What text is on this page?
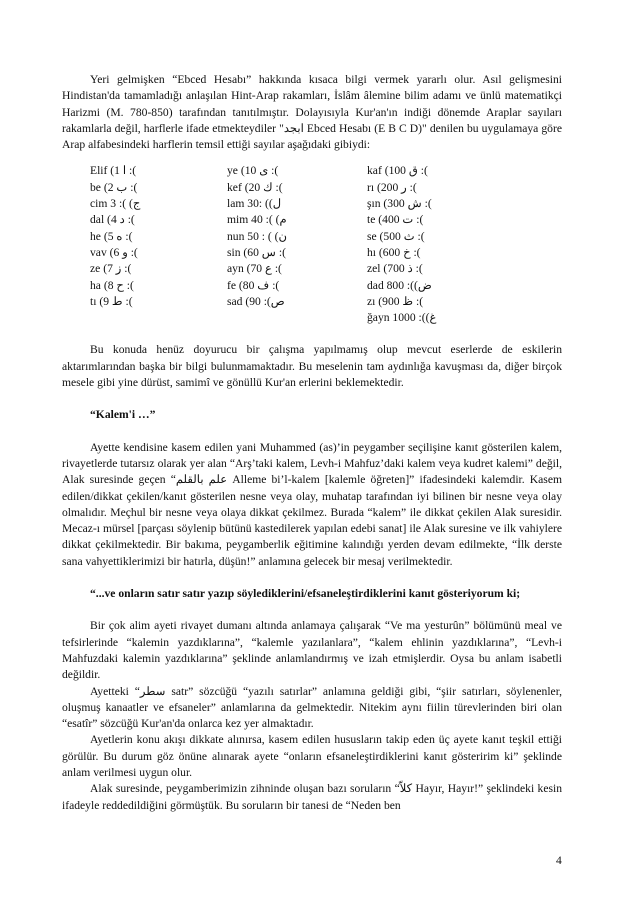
Yeri gelmişken “Ebced Hesabı” hakkında kısaca bilgi vermek yararlı olur. Asıl gelişmesini Hindistan'da tamamladığı anlaşılan Hint-Arap rakamları, İslâm âlemine bilim adamı ve ünlü matematikçi Harizmi (M. 780-850) tarafından tanıtılmıştır. Dolayısıyla Kur'an'ın indiği dönemde Araplar sayıları rakamlarla değil, harflerle ifade etmekteydiler "ابجد Ebced Hesabı (E B C D)" denilen bu uygulamaya göre Arap alfabesindeki harflerin temsil ettiği sayılar aşağıdaki gibiydi:

Elif (ا 1 :(
be (ب 2 :(
cim 3 :( (ج
dal (د 4 :(
he (ه 5 :(
vav (و 6 :(
ze (ز 7 :(
ha (ح 8 :(
tı (ط 9 :(
ye (ى 10 :(
kef (ك 20 :(
lam 30: ((ل
mim 40 :( (م
nun 50 : ( (ن
sin (س 60 :(
ayn (ع 70 :(
fe (ف 80 :(
sad (90 :(ص
kaf (ق 100 :(
rı (ر 200 :(
şın (ش 300 :(
te (ت 400 :(
se (ث 500 :(
hı (خ 600 :(
zel (ذ 700 :(
dad 800 :((ض
zı (ظ 900 :(
ğayn 1000 :((غ

Bu konuda henüz doyurucu bir çalışma yapılmamış olup mevcut eserlerde de eskilerin aktarımlarından başka bir bilgi bulunmamaktadır. Bu meselenin tam aydınlığa kavuşması da, diğer birçok mesele gibi yine dürüst, samimî ve gönüllü Kur'an erlerini beklemektedir.

“Kalem'i …”

Ayette kendisine kasem edilen yani Muhammed (as)’in peygamber seçilişine kanıt gösterilen kalem, rivayetlerde tutarsız olarak yer alan “Arş’taki kalem, Levh-i Mahfuz’daki kalem veya kudret kalemi” değil, Alak suresinde geçen “علم بالقلم Alleme bi’l-kalem [kalemle öğreten]” ifadesindeki kalemdir. Kasem edilen/dikkat çekilen/kanıt gösterilen nesne veya olay, muhatap tarafından iyi bilinen bir nesne veya olay olmalıdır. Meçhul bir nesne veya olaya dikkat çekilmez. Burada “kalem” ile dikkat çekilen Alak suresidir. Mecaz-ı mürsel [parçası söylenip bütünü kastedilerek yapılan edebi sanat] ile Alak suresine ve ilk vahiylere dikkat çekilmektedir. Bir bakıma, peygamberlik eğitimine kalındığı yerden devam edilmekte, “İlk derste sana vahyettiklerimizi bir hatırla, düşün!” anlamına gelecek bir mesaj verilmektedir.

“...ve onların satır satır yazıp söylediklerini/efsaneleştirdiklerini kanıt gösteriyorum ki;

Bir çok alim ayeti rivayet dumanı altında anlamaya çalışarak “Ve ma yesturûn” bölümünü meal ve tefsirlerinde “kalemin yazdıklarına”, “kalemle yazılanlara”, “kalem ehlinin yazdıklarına”, “Levh-i Mahfuzdaki kalemin yazdıklarına” şeklinde anlamlandırmış ve izah etmişlerdir. Oysa bu anlam isabetli değildir.

Ayetteki “سطر satr” sözcüğü “yazılı satırlar” anlamına geldiği gibi, “şiir satırları, söylenenler, oluşmuş kanaatler ve efsaneler” anlamlarına da gelmektedir. Nitekim aynı fiilin türevlerinden biri olan “esatîr” sözcüğü Kur'an'da onlarca kez yer almaktadır.

Ayetlerin konu akışı dikkate alınırsa, kasem edilen hususların takip eden üç ayete kanıt teşkil ettiği görülür. Bu durum göz önüne alınarak ayete “onların efsaneleştirdiklerini kanıt gösteririm ki” şeklinde anlam verilmesi uygun olur.

Alak suresinde, peygamberimizin zihninde oluşan bazı soruların “كلاّ Hayır, Hayır!” şeklindeki kesin ifadeyle reddedildiğini görmüştük. Bu soruların bir tanesi de “Neden ben

4
